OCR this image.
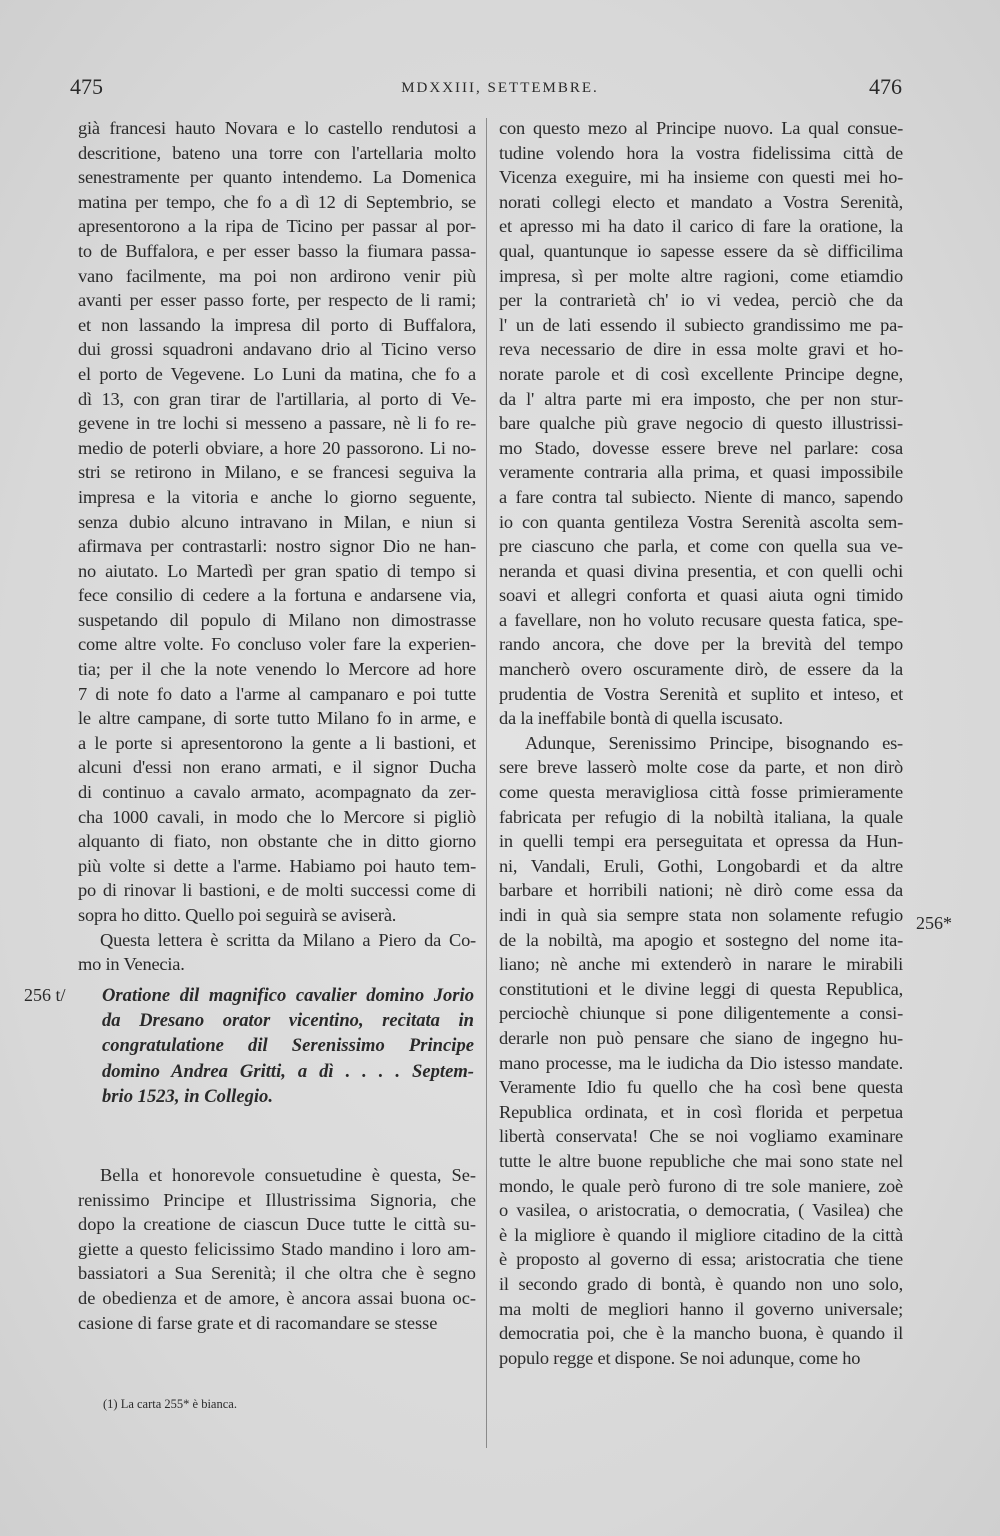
475	MDXXIII, SETTEMBRE.	476
già francesi hauto Novara e lo castello rendutosi a
descritione, bateno una torre con l'artellaria molto
senestramente per quanto intendemo. La Domenica
matina per tempo, che fo a dì 12 di Septembrio, se
apresentorono a la ripa de Ticino per passar al por-
to de Buffalora, e per esser basso la fiumara passa-
vano facilmente, ma poi non ardirono venir più
avanti per esser passo forte, per respecto de li rami;
et non lassando la impresa dil porto di Buffalora,
dui grossi squadroni andavano drio al Ticino verso
el porto de Vegevene. Lo Luni da matina, che fo a
dì 13, con gran tirar de l'artillaria, al porto di Ve-
gevene in tre lochi si messeno a passare, nè li fo re-
medio de poterli obviare, a hore 20 passorono. Li no-
stri se retirono in Milano, e se francesi seguiva la
impresa e la vitoria e anche lo giorno seguente,
senza dubio alcuno intravano in Milan, e niun si
afirmava per contrastarli: nostro signor Dio ne han-
no aiutato. Lo Martedì per gran spatio di tempo si
fece consilio di cedere a la fortuna e andarsene via,
suspetando dil populo di Milano non dimostrasse
come altre volte. Fo concluso voler fare la experien-
tia; per il che la note venendo lo Mercore ad hore
7 di note fo dato a l'arme al campanaro e poi tutte
le altre campane, di sorte tutto Milano fo in arme, e
a le porte si apresentorono la gente a li bastioni, et
alcuni d'essi non erano armati, e il signor Ducha
di continuo a cavalo armato, acompagnato da zer-
cha 1000 cavali, in modo che lo Mercore si pigliò
alquanto di fiato, non obstante che in ditto giorno
più volte si dette a l'arme. Habiamo poi hauto tem-
po di rinovar li bastioni, e de molti successi come di
sopra ho ditto. Quello poi seguirà se aviserà.
Questa lettera è scritta da Milano a Piero da Co-
mo in Venecia.
256 t/ Oratione dil magnifico cavalier domino Jorio
da Dresano orator vicentino, recitata in
congratulatione dil Serenissimo Principe
domino Andrea Gritti, a dì . . . . Septem-
brio 1523, in Collegio.
Bella et honorevole consuetudine è questa, Se-
renissimo Principe et Illustrissima Signoria, che
dopo la creatione de ciascun Duce tutte le città su-
giette a questo felicissimo Stado mandino i loro am-
bassiatori a Sua Serenità; il che oltra che è segno
de obedienza et de amore, è ancora assai buona oc-
casione di farse grate et di racomandare se stesse
(1) La carta 255* è bianca.
con questo mezo al Principe nuovo. La qual consue-
tudine volendo hora la vostra fidelissima città de
Vicenza exeguire, mi ha insieme con questi mei ho-
norati collegi electo et mandato a Vostra Serenità,
et apresso mi ha dato il carico di fare la oratione, la
qual, quantunque io sapesse essere da sè difficilima
impresa, sì per molte altre ragioni, come etiamdio
per la contrarietà ch' io vi vedea, perciò che da
l' un de lati essendo il subiecto grandissimo me pa-
reva necessario de dire in essa molte gravi et ho-
norate parole et di così excellente Principe degne,
da l' altra parte mi era imposto, che per non stur-
bare qualche più grave negocio di questo illustrissi-
mo Stado, dovesse essere breve nel parlare: cosa
veramente contraria alla prima, et quasi impossibile
a fare contra tal subiecto. Niente di manco, sapendo
io con quanta gentileza Vostra Serenità ascolta sem-
pre ciascuno che parla, et come con quella sua ve-
neranda et quasi divina presentia, et con quelli ochi
soavi et allegri conforta et quasi aiuta ogni timido
a favellare, non ho voluto recusare questa fatica, spe-
rando ancora, che dove per la brevità del tempo
mancherò overo oscuramente dirò, de essere da la
prudentia de Vostra Serenità et suplito et inteso, et
da la ineffabile bontà di quella iscusato.
Adunque, Serenissimo Principe, bisognando es-
sere breve lasserò molte cose da parte, et non dirò
come questa meravigliosa città fosse primieramente
fabricata per refugio di la nobiltà italiana, la quale
in quelli tempi era perseguitata et opressa da Hun-
ni, Vandali, Eruli, Gothi, Longobardi et da altre
barbare et horribili nationi; nè dirò come essa da
indi in quà sia sempre stata non solamente refugio
de la nobiltà, ma apogio et sostegno del nome ita-
liano; nè anche mi extenderò in narare le mirabili
constitutioni et le divine leggi di questa Republica,
perciochè chiunque si pone diligentemente a consi-
derarle non può pensare che siano de ingegno hu-
mano processe, ma le iudicha da Dio istesso mandate.
Veramente Idio fu quello che ha così bene questa
Republica ordinata, et in così florida et perpetua
libertà conservata! Che se noi vogliamo examinare
tutte le altre buone republiche che mai sono state nel
mondo, le quale però furono di tre sole maniere, zoè
o vasilea, o aristocratia, o democratia, ( Vasilea) che
è la migliore è quando il migliore citadino de la città
è proposto al governo di essa; aristocratia che tiene
il secondo grado di bontà, è quando non uno solo,
ma molti de megliori hanno il governo universale;
democratia poi, che è la mancho buona, è quando il
populo regge et dispone. Se noi adunque, come ho
256*
